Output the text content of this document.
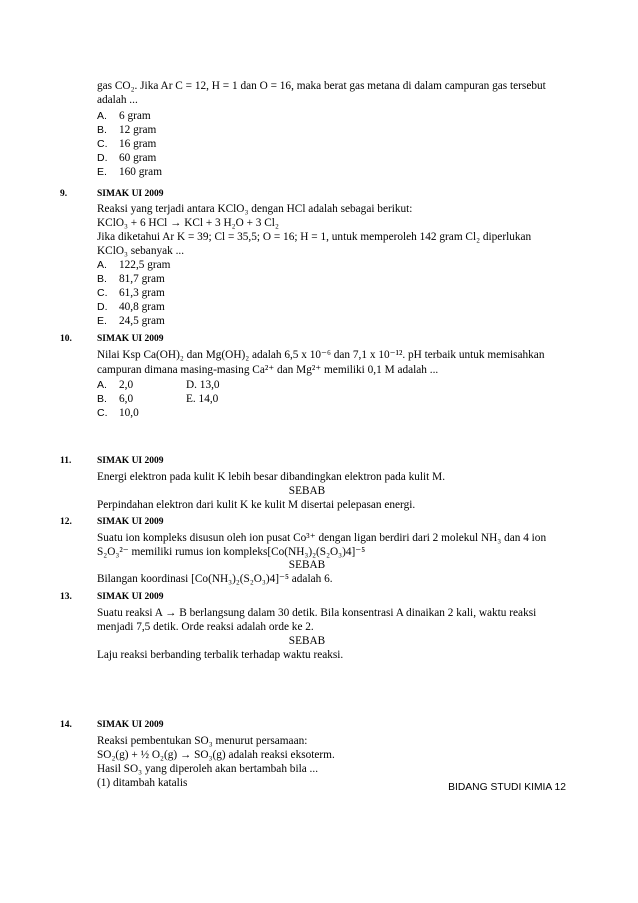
gas CO₂. Jika Ar C = 12, H = 1 dan O = 16, maka berat gas metana di dalam campuran gas tersebut
adalah ...
A. 6 gram
B. 12 gram
C. 16 gram
D. 60 gram
E. 160 gram
9.	SIMAK UI 2009
Reaksi yang terjadi antara KClO₃ dengan HCl adalah sebagai berikut:
KClO₃ + 6 HCl → KCl + 3 H₂O + 3 Cl₂
Jika diketahui Ar K = 39; Cl = 35,5; O = 16; H = 1, untuk memperoleh 142 gram Cl₂ diperlukan
KClO₃ sebanyak ...
A. 122,5 gram
B. 81,7 gram
C. 61,3 gram
D. 40,8 gram
E. 24,5 gram
10.	SIMAK UI 2009
Nilai Ksp Ca(OH)₂ dan Mg(OH)₂ adalah 6,5 x 10⁻⁶ dan 7,1 x 10⁻¹². pH terbaik untuk memisahkan
campuran dimana masing-masing Ca²⁺ dan Mg²⁺ memiliki 0,1 M adalah ...
A. 2,0	D. 13,0
B. 6,0	E. 14,0
C. 10,0
11.	SIMAK UI 2009
Energi elektron pada kulit K lebih besar dibandingkan elektron pada kulit M.
SEBAB
Perpindahan elektron dari kulit K ke kulit M disertai pelepasan energi.
12.	SIMAK UI 2009
Suatu ion kompleks disusun oleh ion pusat Co³⁺ dengan ligan berdiri dari 2 molekul NH₃ dan 4 ion
S₂O₃²⁻ memiliki rumus ion kompleks[Co(NH₃)₂(S₂O₃)4]⁻⁵
SEBAB
Bilangan koordinasi [Co(NH₃)₂(S₂O₃)4]⁻⁵ adalah 6.
13.	SIMAK UI 2009
Suatu reaksi A → B berlangsung dalam 30 detik. Bila konsentrasi A dinaikan 2 kali, waktu reaksi
menjadi 7,5 detik. Orde reaksi adalah orde ke 2.
SEBAB
Laju reaksi berbanding terbalik terhadap waktu reaksi.
14.	SIMAK UI 2009
Reaksi pembentukan SO₃ menurut persamaan:
SO₂(g) + ½ O₂(g) → SO₃(g) adalah reaksi eksoterm.
Hasil SO₃ yang diperoleh akan bertambah bila ...
(1) ditambah katalis	BIDANG STUDI KIMIA 12
